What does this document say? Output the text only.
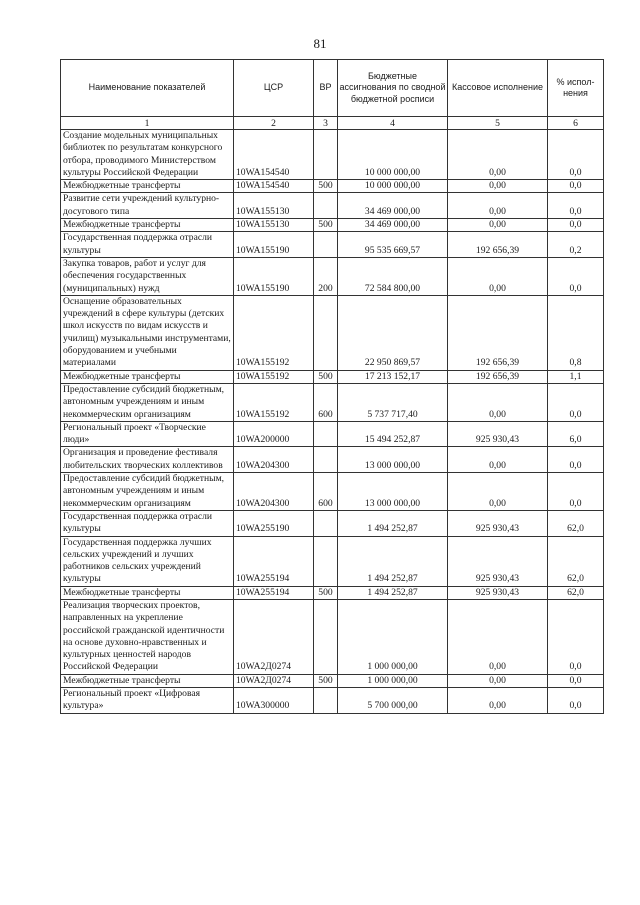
81
Наименование показателей	ЦСР	ВР	Бюджетные ассигнования по сводной бюджетной росписи	Кассовое исполнение	% испол-нения
1	2	3	4	5	6
Создание модельных муниципальных библиотек по результатам конкурсного отбора, проводимого Министерством культуры Российской Федерации	10WA154540		10 000 000,00	0,00	0,0
Межбюджетные трансферты	10WA154540	500	10 000 000,00	0,00	0,0
Развитие сети учреждений культурно-досугового типа	10WA155130		34 469 000,00	0,00	0,0
Межбюджетные трансферты	10WA155130	500	34 469 000,00	0,00	0,0
Государственная поддержка отрасли культуры	10WA155190		95 535 669,57	192 656,39	0,2
Закупка товаров, работ и услуг для обеспечения государственных (муниципальных) нужд	10WA155190	200	72 584 800,00	0,00	0,0
Оснащение образовательных учреждений в сфере культуры (детских школ искусств по видам искусств и училищ) музыкальными инструментами, оборудованием и учебными материалами	10WA155192		22 950 869,57	192 656,39	0,8
Межбюджетные трансферты	10WA155192	500	17 213 152,17	192 656,39	1,1
Предоставление субсидий бюджетным, автономным учреждениям и иным некоммерческим организациям	10WA155192	600	5 737 717,40	0,00	0,0
Региональный проект «Творческие люди»	10WA200000		15 494 252,87	925 930,43	6,0
Организация и проведение фестиваля любительских творческих коллективов	10WA204300		13 000 000,00	0,00	0,0
Предоставление субсидий бюджетным, автономным учреждениям и иным некоммерческим организациям	10WA204300	600	13 000 000,00	0,00	0,0
Государственная поддержка отрасли культуры	10WA255190		1 494 252,87	925 930,43	62,0
Государственная поддержка лучших сельских учреждений и лучших работников сельских учреждений культуры	10WA255194		1 494 252,87	925 930,43	62,0
Межбюджетные трансферты	10WA255194	500	1 494 252,87	925 930,43	62,0
Реализация творческих проектов, направленных на укрепление российской гражданской идентичности на основе духовно-нравственных и культурных ценностей народов Российской Федерации	10WA2Д0274		1 000 000,00	0,00	0,0
Межбюджетные трансферты	10WA2Д0274	500	1 000 000,00	0,00	0,0
Региональный проект «Цифровая культура»	10WA300000		5 700 000,00	0,00	0,0
